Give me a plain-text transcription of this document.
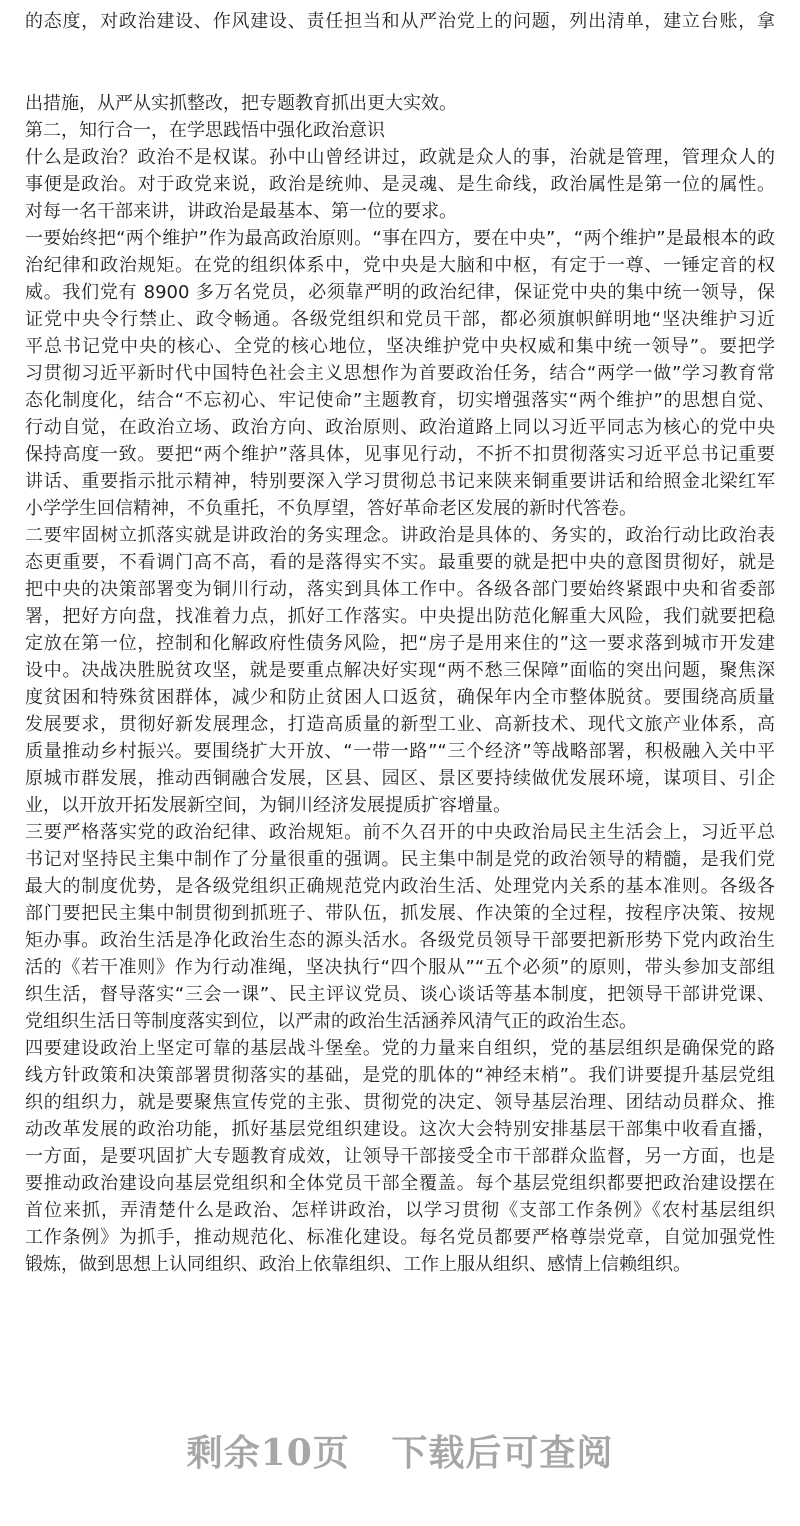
的态度，对政治建设、作风建设、责任担当和从严治党上的问题，列出清单，建立台账，拿
出措施，从严从实抓整改，把专题教育抓出更大实效。
第二，知行合一，在学思践悟中强化政治意识
什么是政治？政治不是权谋。孙中山曾经讲过，政就是众人的事，治就是管理，管理众人的
事便是政治。对于政党来说，政治是统帅、是灵魂、是生命线，政治属性是第一位的属性。
对每一名干部来讲，讲政治是最基本、第一位的要求。
一要始终把“两个维护”作为最高政治原则。“事在四方，要在中央”，“两个维护”是最根本的政
治纪律和政治规矩。在党的组织体系中，党中央是大脑和中枢，有定于一尊、一锤定音的权
威。我们党有 8900 多万名党员，必须靠严明的政治纪律，保证党中央的集中统一领导，保
证党中央令行禁止、政令畅通。各级党组织和党员干部，都必须旗帜鲜明地“坚决维护习近
平总书记党中央的核心、全党的核心地位，坚决维护党中央权威和集中统一领导”。要把学
习贯彻习近平新时代中国特色社会主义思想作为首要政治任务，结合“两学一做”学习教育常
态化制度化，结合“不忘初心、牢记使命”主题教育，切实增强落实“两个维护”的思想自觉、
行动自觉，在政治立场、政治方向、政治原则、政治道路上同以习近平同志为核心的党中央
保持高度一致。要把“两个维护”落具体，见事见行动，不折不扣贯彻落实习近平总书记重要
讲话、重要指示批示精神，特别要深入学习贯彻总书记来陕来铜重要讲话和给照金北梁红军
小学学生回信精神，不负重托，不负厚望，答好革命老区发展的新时代答卷。
二要牢固树立抓落实就是讲政治的务实理念。讲政治是具体的、务实的，政治行动比政治表
态更重要，不看调门高不高，看的是落得实不实。最重要的就是把中央的意图贯彻好，就是
把中央的决策部署变为铜川行动，落实到具体工作中。各级各部门要始终紧跟中央和省委部
署，把好方向盘，找准着力点，抓好工作落实。中央提出防范化解重大风险，我们就要把稳
定放在第一位，控制和化解政府性债务风险，把“房子是用来住的”这一要求落到城市开发建
设中。决战决胜脱贫攻坚，就是要重点解决好实现“两不愁三保障”面临的突出问题，聚焦深
度贫困和特殊贫困群体，减少和防止贫困人口返贫，确保年内全市整体脱贫。要围绕高质量
发展要求，贯彻好新发展理念，打造高质量的新型工业、高新技术、现代文旅产业体系，高
质量推动乡村振兴。要围绕扩大开放、“一带一路”“三个经济”等战略部署，积极融入关中平
原城市群发展，推动西铜融合发展，区县、园区、景区要持续做优发展环境，谋项目、引企
业，以开放开拓发展新空间，为铜川经济发展提质扩容增量。
三要严格落实党的政治纪律、政治规矩。前不久召开的中央政治局民主生活会上，习近平总
书记对坚持民主集中制作了分量很重的强调。民主集中制是党的政治领导的精髓，是我们党
最大的制度优势，是各级党组织正确规范党内政治生活、处理党内关系的基本准则。各级各
部门要把民主集中制贯彻到抓班子、带队伍，抓发展、作决策的全过程，按程序决策、按规
矩办事。政治生活是净化政治生态的源头活水。各级党员领导干部要把新形势下党内政治生
活的《若干准则》作为行动准绳，坚决执行“四个服从”“五个必须”的原则，带头参加支部组
织生活，督导落实“三会一课”、民主评议党员、谈心谈话等基本制度，把领导干部讲党课、
党组织生活日等制度落实到位，以严肃的政治生活涵养风清气正的政治生态。
四要建设政治上坚定可靠的基层战斗堡垒。党的力量来自组织，党的基层组织是确保党的路
线方针政策和决策部署贯彻落实的基础，是党的肌体的“神经末梢”。我们讲要提升基层党组
织的组织力，就是要聚焦宣传党的主张、贯彻党的决定、领导基层治理、团结动员群众、推
动改革发展的政治功能，抓好基层党组织建设。这次大会特别安排基层干部集中收看直播，
一方面，是要巩固扩大专题教育成效，让领导干部接受全市干部群众监督，另一方面，也是
要推动政治建设向基层党组织和全体党员干部全覆盖。每个基层党组织都要把政治建设摆在
首位来抓，弄清楚什么是政治、怎样讲政治，以学习贯彻《支部工作条例》《农村基层组织
工作条例》为抓手，推动规范化、标准化建设。每名党员都要严格尊崇党章，自觉加强党性
锻炼，做到思想上认同组织、政治上依靠组织、工作上服从组织、感情上信赖组织。
剩余10页 下载后可查阅
